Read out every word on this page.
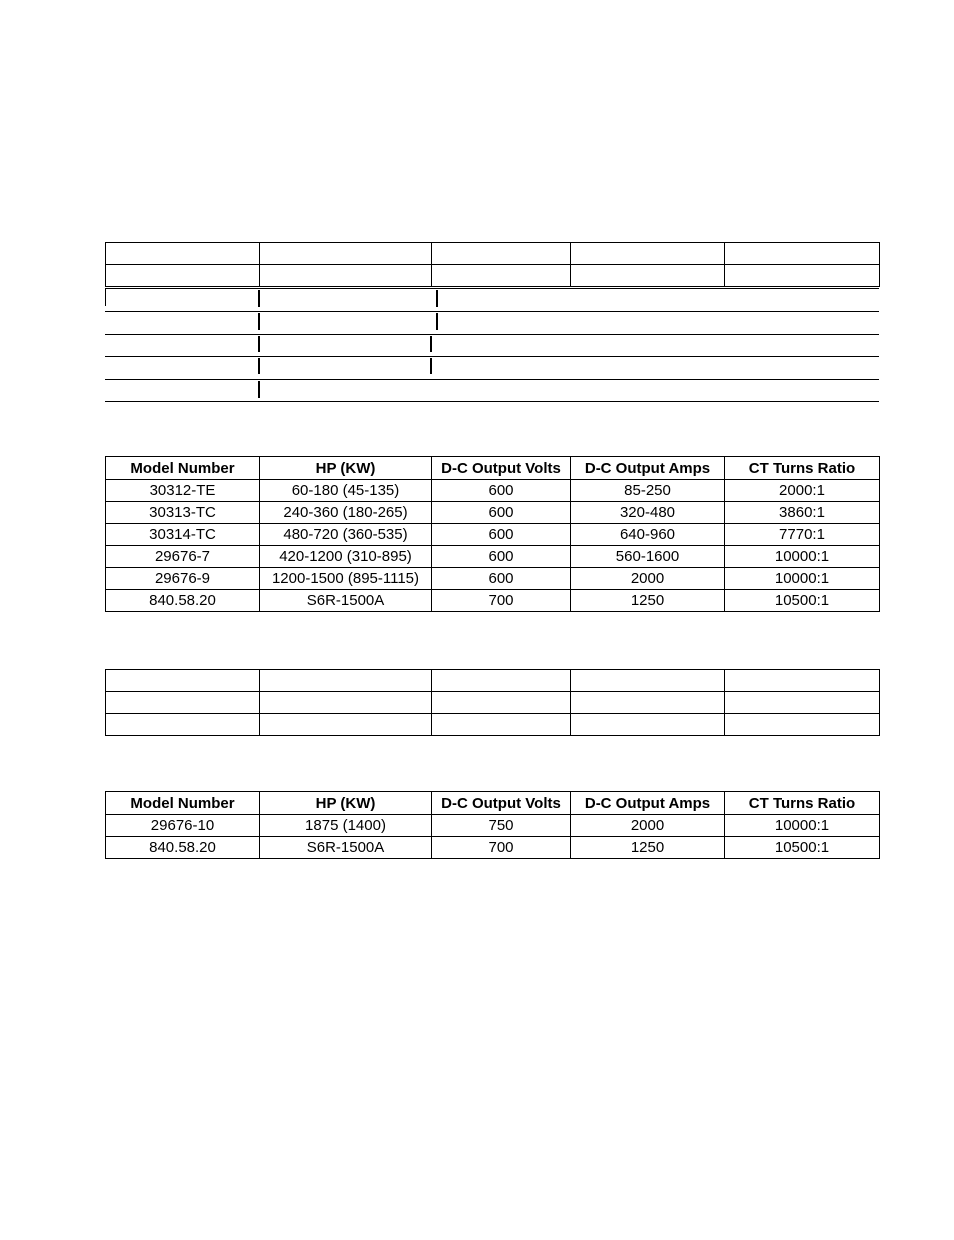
Model Number	HP (KW)	D-C Output Volts	D-C Output Amps	CT Turns Ratio
30312-TE	60-180 (45-135)	600	85-250	2000:1
30313-TC	240-360 (180-265)	600	320-480	3860:1
30314-TC	480-720 (360-535)	600	640-960	7770:1
29676-7	420-1200 (310-895)	600	560-1600	10000:1
29676-9	1200-1500 (895-1115)	600	2000	10000:1
840.58.20	S6R-1500A	700	1250	10500:1

Model Number	HP (KW)	D-C Output Volts	D-C Output Amps	CT Turns Ratio
29676-10	1875 (1400)	750	2000	10000:1
840.58.20	S6R-1500A	700	1250	10500:1
